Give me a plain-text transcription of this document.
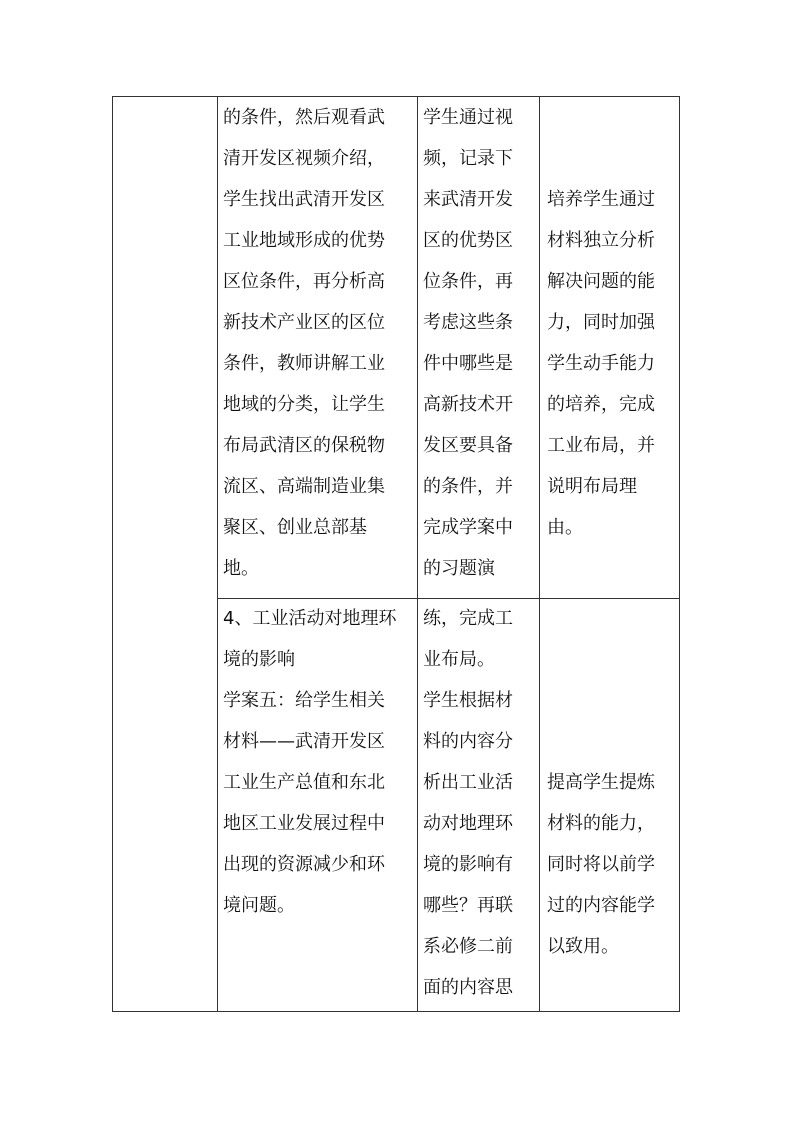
的条件，然后观看武
清开发区视频介绍，
学生找出武清开发区
工业地域形成的优势
区位条件，再分析高
新技术产业区的区位
条件，教师讲解工业
地域的分类，让学生
布局武清区的保税物
流区、高端制造业集
聚区、创业总部基
地。
学生通过视
频，记录下
来武清开发
区的优势区
位条件，再
考虑这些条
件中哪些是
高新技术开
发区要具备
的条件，并
完成学案中
的习题演
培养学生通过
材料独立分析
解决问题的能
力，同时加强
学生动手能力
的培养，完成
工业布局，并
说明布局理
由。
4、工业活动对地理环
境的影响
学案五：给学生相关
材料——武清开发区
工业生产总值和东北
地区工业发展过程中
出现的资源减少和环
境问题。
练，完成工
业布局。
学生根据材
料的内容分
析出工业活
动对地理环
境的影响有
哪些？再联
系必修二前
面的内容思
提高学生提炼
材料的能力，
同时将以前学
过的内容能学
以致用。
